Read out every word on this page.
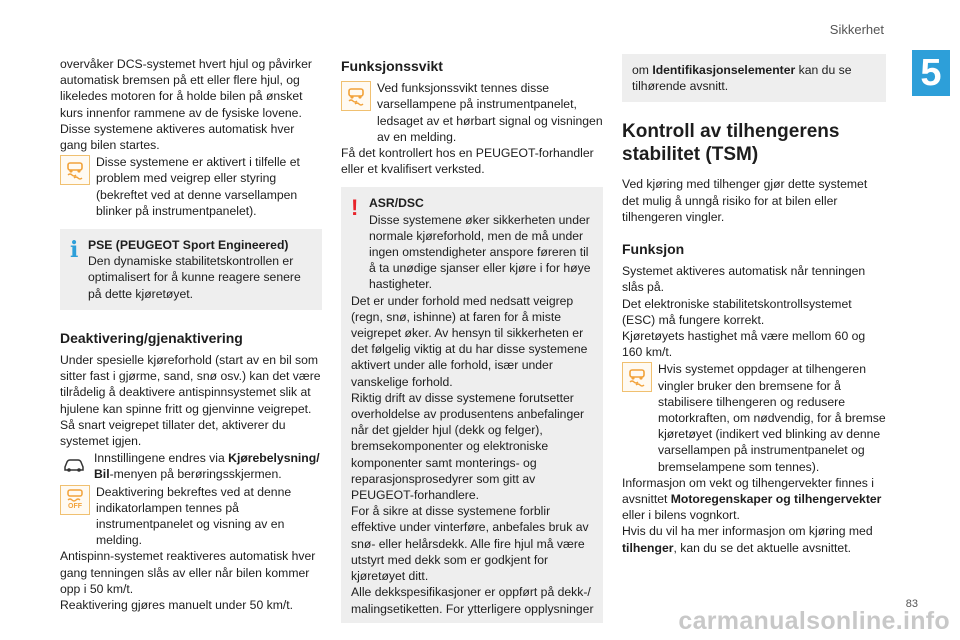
Sikkerhet
5

overvåker DCS-systemet hvert hjul og påvirker automatisk bremsen på ett eller flere hjul, og likeledes motoren for å holde bilen på ønsket kurs innenfor rammene av de fysiske lovene. Disse systemene aktiveres automatisk hver gang bilen startes.

Disse systemene er aktivert i tilfelle et problem med veigrep eller styring (bekreftet ved at denne varsellampen blinker på instrumentpanelet).

i PSE (PEUGEOT Sport Engineered)

Den dynamiske stabilitetskontrollen er optimalisert for å kunne reagere senere på dette kjøretøyet.

Deaktivering/gjenaktivering

Under spesielle kjøreforhold (start av en bil som sitter fast i gjørme, sand, snø osv.) kan det være tilrådelig å deaktivere antispinnsystemet slik at hjulene kan spinne fritt og gjenvinne veigrepet. Så snart veigrepet tillater det, aktiverer du systemet igjen.

Innstillingene endres via Kjørebelysning/ Bil-menyen på berøringsskjermen.

OFF

Deaktivering bekreftes ved at denne indikatorlampen tennes på instrumentpanelet og visning av en melding.

Antispinn-systemet reaktiveres automatisk hver gang tenningen slås av eller når bilen kommer opp i 50 km/t.

Reaktivering gjøres manuelt under 50 km/t.

Funksjonssvikt

Ved funksjonssvikt tennes disse varsellampene på instrumentpanelet, ledsaget av et hørbart signal og visningen av en melding.

Få det kontrollert hos en PEUGEOT-forhandler eller et kvalifisert verksted.

! ASR/DSC

Disse systemene øker sikkerheten under normale kjøreforhold, men de må under ingen omstendigheter anspore føreren til å ta unødige sjanser eller kjøre i for høye hastigheter.

Det er under forhold med nedsatt veigrep (regn, snø, ishinne) at faren for å miste veigrepet øker. Av hensyn til sikkerheten er det følgelig viktig at du har disse systemene aktivert under alle forhold, især under vanskelige forhold.

Riktig drift av disse systemene forutsetter overholdelse av produsentens anbefalinger når det gjelder hjul (dekk og felger), bremsekomponenter og elektroniske komponenter samt monterings- og reparasjonsprosedyrer som gitt av PEUGEOT-forhandlere.

For å sikre at disse systemene forblir effektive under vinterføre, anbefales bruk av snø- eller helårsdekk. Alle fire hjul må være utstyrt med dekk som er godkjent for kjøretøyet ditt.

Alle dekkspesifikasjoner er oppført på dekk-/ malingsetiketten. For ytterligere opplysninger

om Identifikasjonselementer kan du se tilhørende avsnitt.

Kontroll av tilhengerens stabilitet (TSM)

Ved kjøring med tilhenger gjør dette systemet det mulig å unngå risiko for at bilen eller tilhengeren vingler.

Funksjon

Systemet aktiveres automatisk når tenningen slås på.

Det elektroniske stabilitetskontrollsystemet (ESC) må fungere korrekt.

Kjøretøyets hastighet må være mellom 60 og 160 km/t.

Hvis systemet oppdager at tilhengeren vingler bruker den bremsene for å stabilisere tilhengeren og redusere motorkraften, om nødvendig, for å bremse kjøretøyet (indikert ved blinking av denne varsellampen på instrumentpanelet og bremselampene som tennes).

Informasjon om vekt og tilhengervekter finnes i avsnittet Motoregenskaper og tilhengervekter eller i bilens vognkort.

Hvis du vil ha mer informasjon om kjøring med tilhenger, kan du se det aktuelle avsnittet.

83
carmanualsonline.info
